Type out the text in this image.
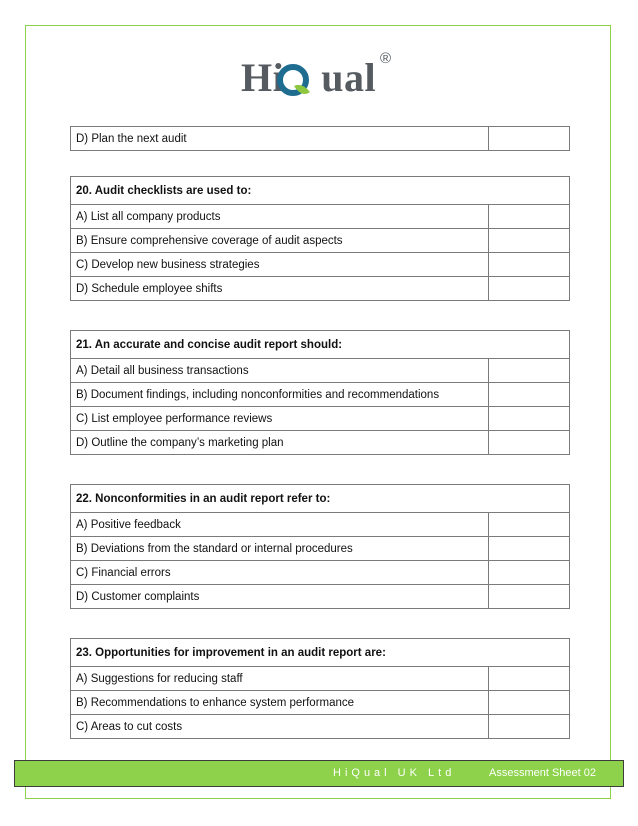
Hi ual ®
D) Plan the next audit	
20. Audit checklists are used to:	
A) List all company products	
B) Ensure comprehensive coverage of audit aspects	
C) Develop new business strategies	
D) Schedule employee shifts	
21. An accurate and concise audit report should:	
A) Detail all business transactions	
B) Document findings, including nonconformities and recommendations	
C) List employee performance reviews	
D) Outline the company’s marketing plan	
22. Nonconformities in an audit report refer to:	
A) Positive feedback	
B) Deviations from the standard or internal procedures	
C) Financial errors	
D) Customer complaints	
23. Opportunities for improvement in an audit report are:	
A) Suggestions for reducing staff	
B) Recommendations to enhance system performance	
C) Areas to cut costs	
HiQual UK Ltd	Assessment Sheet 02
